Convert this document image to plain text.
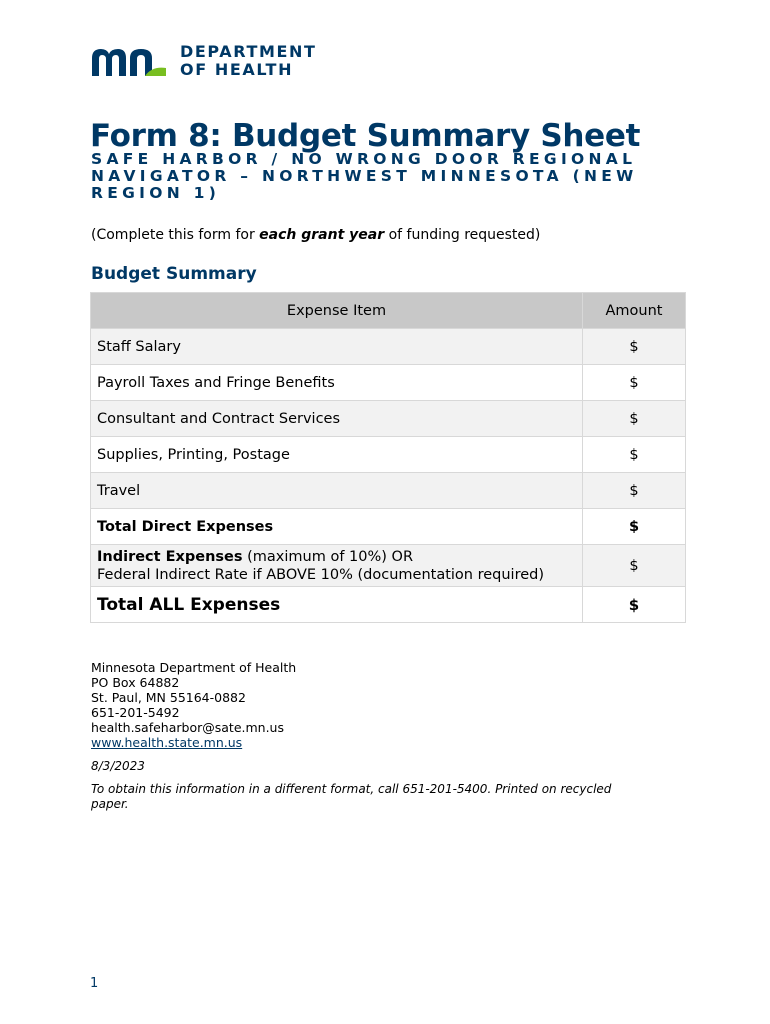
DEPARTMENT
OF HEALTH
Form 8: Budget Summary Sheet
SAFE HARBOR / NO WRONG DOOR REGIONAL NAVIGATOR – NORTHWEST MINNESOTA (NEW REGION 1)
(Complete this form for each grant year of funding requested)
Budget Summary
Expense Item	Amount
Staff Salary	$
Payroll Taxes and Fringe Benefits	$
Consultant and Contract Services	$
Supplies, Printing, Postage	$
Travel	$
Total Direct Expenses	$
Indirect Expenses (maximum of 10%) OR
Federal Indirect Rate if ABOVE 10% (documentation required)	$
Total ALL Expenses	$
Minnesota Department of Health
PO Box 64882
St. Paul, MN 55164-0882
651-201-5492
health.safeharbor@sate.mn.us
www.health.state.mn.us
8/3/2023
To obtain this information in a different format, call 651-201-5400. Printed on recycled paper.
1
